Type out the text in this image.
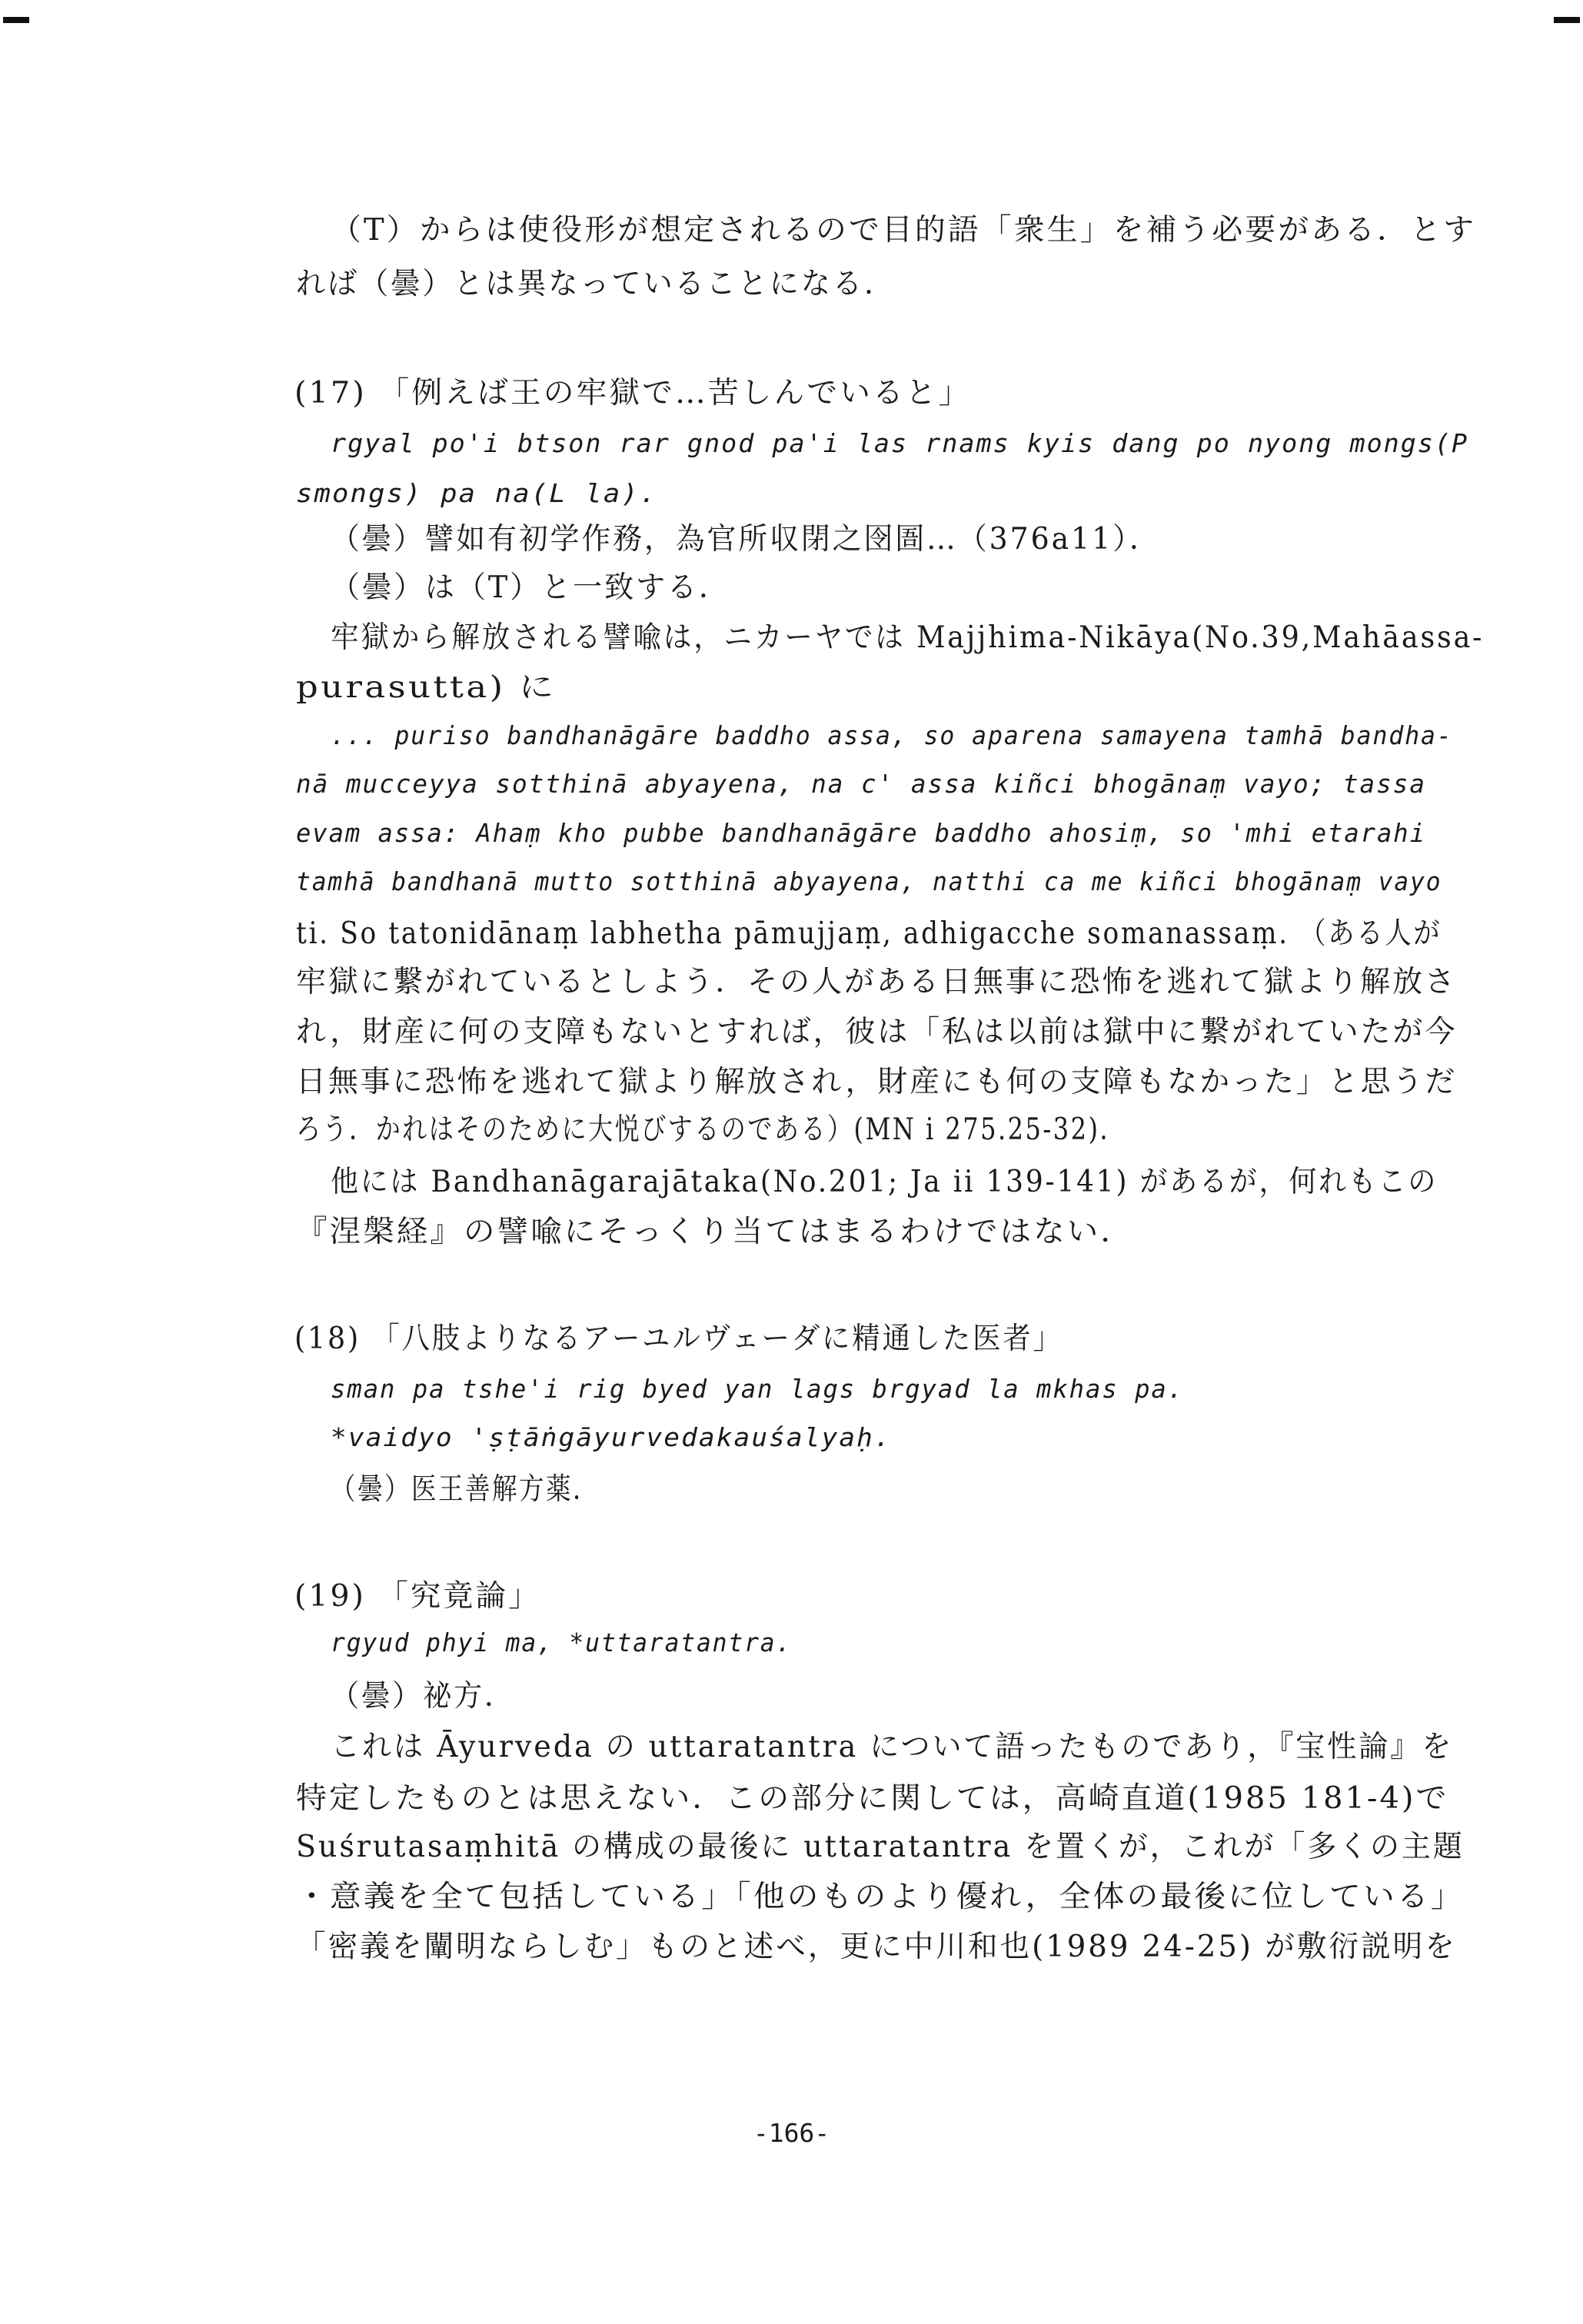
（T）からは使役形が想定されるので目的語「衆生」を補う必要がある．とす
れば（曇）とは異なっていることになる．
(17) 「例えば王の牢獄で…苦しんでいると」
rgyal po'i btson rar gnod pa'i las rnams kyis dang po nyong mongs(P
smongs) pa na(L la).
（曇）譬如有初学作務，為官所収閉之囹圄…（376a11）．
（曇）は（T）と一致する．
牢獄から解放される譬喩は，ニカーヤでは Majjhima-Nikāya(No.39,Mahāassa-
purasutta) に
... puriso bandhanāgāre baddho assa, so aparena samayena tamhā bandha-
nā mucceyya sotthinā abyayena, na c' assa kiñci bhogānaṃ vayo; tassa
evam assa: Ahaṃ kho pubbe bandhanāgāre baddho ahosiṃ, so 'mhi etarahi
tamhā bandhanā mutto sotthinā abyayena, natthi ca me kiñci bhogānaṃ vayo
ti. So tatonidānaṃ labhetha pāmujjaṃ, adhigacche somanassaṃ. （ある人が
牢獄に繋がれているとしよう．その人がある日無事に恐怖を逃れて獄より解放さ
れ，財産に何の支障もないとすれば，彼は「私は以前は獄中に繋がれていたが今
日無事に恐怖を逃れて獄より解放され，財産にも何の支障もなかった」と思うだ
ろう．かれはそのために大悦びするのである）(MN i 275.25-32)．
他には Bandhanāgarajātaka(No.201; Ja ii 139-141) があるが，何れもこの
『涅槃経』の譬喩にそっくり当てはまるわけではない．
(18) 「八肢よりなるアーユルヴェーダに精通した医者」
sman pa tshe'i rig byed yan lags brgyad la mkhas pa.
*vaidyo 'ṣṭāṅgāyurvedakauśalyaḥ.
（曇）医王善解方薬．
(19) 「究竟論」
rgyud phyi ma, *uttaratantra.
（曇）祕方．
これは Āyurveda の uttaratantra について語ったものであり，『宝性論』を
特定したものとは思えない．この部分に関しては，高崎直道(1985 181-4)で
Suśrutasaṃhitā の構成の最後に uttaratantra を置くが，これが「多くの主題
・意義を全て包括している」「他のものより優れ，全体の最後に位している」
「密義を闡明ならしむ」ものと述べ，更に中川和也(1989 24-25) が敷衍説明を
-166-
